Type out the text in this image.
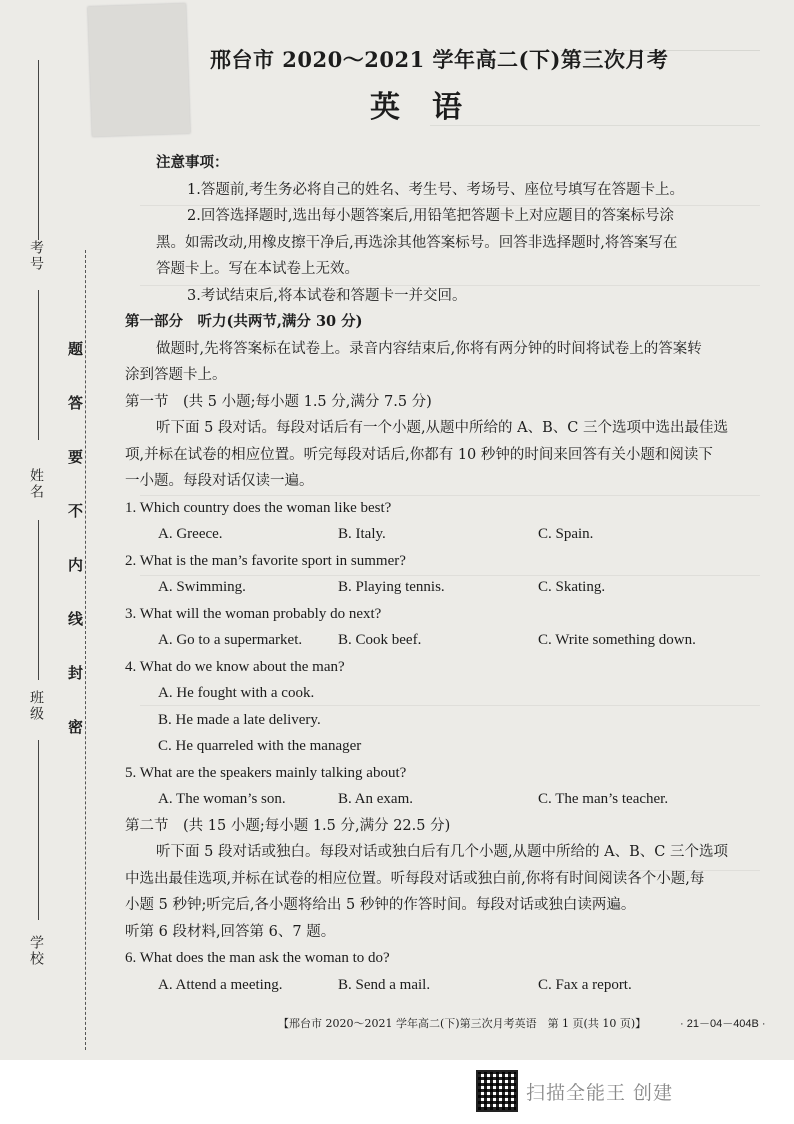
考号
姓名
班级
学校
题
答
要
不
内
线
封
密
邢台市 2020～2021 学年高二(下)第三次月考
英语
注意事项：
1.答题前,考生务必将自己的姓名、考生号、考场号、座位号填写在答题卡上。
2.回答选择题时,选出每小题答案后,用铅笔把答题卡上对应题目的答案标号涂
黑。如需改动,用橡皮擦干净后,再选涂其他答案标号。回答非选择题时,将答案写在
答题卡上。写在本试卷上无效。
3.考试结束后,将本试卷和答题卡一并交回。
第一部分　听力(共两节,满分 30 分)
做题时,先将答案标在试卷上。录音内容结束后,你将有两分钟的时间将试卷上的答案转
涂到答题卡上。
第一节　(共 5 小题;每小题 1.5 分,满分 7.5 分)
听下面 5 段对话。每段对话后有一个小题,从题中所给的 A、B、C 三个选项中选出最佳选
项,并标在试卷的相应位置。听完每段对话后,你都有 10 秒钟的时间来回答有关小题和阅读下
一小题。每段对话仅读一遍。
1. Which country does the woman like best?
A. Greece.	B. Italy.	C. Spain.
2. What is the man’s favorite sport in summer?
A. Swimming.	B. Playing tennis.	C. Skating.
3. What will the woman probably do next?
A. Go to a supermarket.	B. Cook beef.	C. Write something down.
4. What do we know about the man?
A. He fought with a cook.
B. He made a late delivery.
C. He quarreled with the manager
5. What are the speakers mainly talking about?
A. The woman’s son.	B. An exam.	C. The man’s teacher.
第二节　(共 15 小题;每小题 1.5 分,满分 22.5 分)
听下面 5 段对话或独白。每段对话或独白后有几个小题,从题中所给的 A、B、C 三个选项
中选出最佳选项,并标在试卷的相应位置。听每段对话或独白前,你将有时间阅读各个小题,每
小题 5 秒钟;听完后,各小题将给出 5 秒钟的作答时间。每段对话或独白读两遍。
听第 6 段材料,回答第 6、7 题。
6. What does the man ask the woman to do?
A. Attend a meeting.	B. Send a mail.	C. Fax a report.
【邢台市 2020～2021 学年高二(下)第三次月考英语　第 1 页(共 10 页)】	· 21－04－404B ·
扫描全能王 创建
